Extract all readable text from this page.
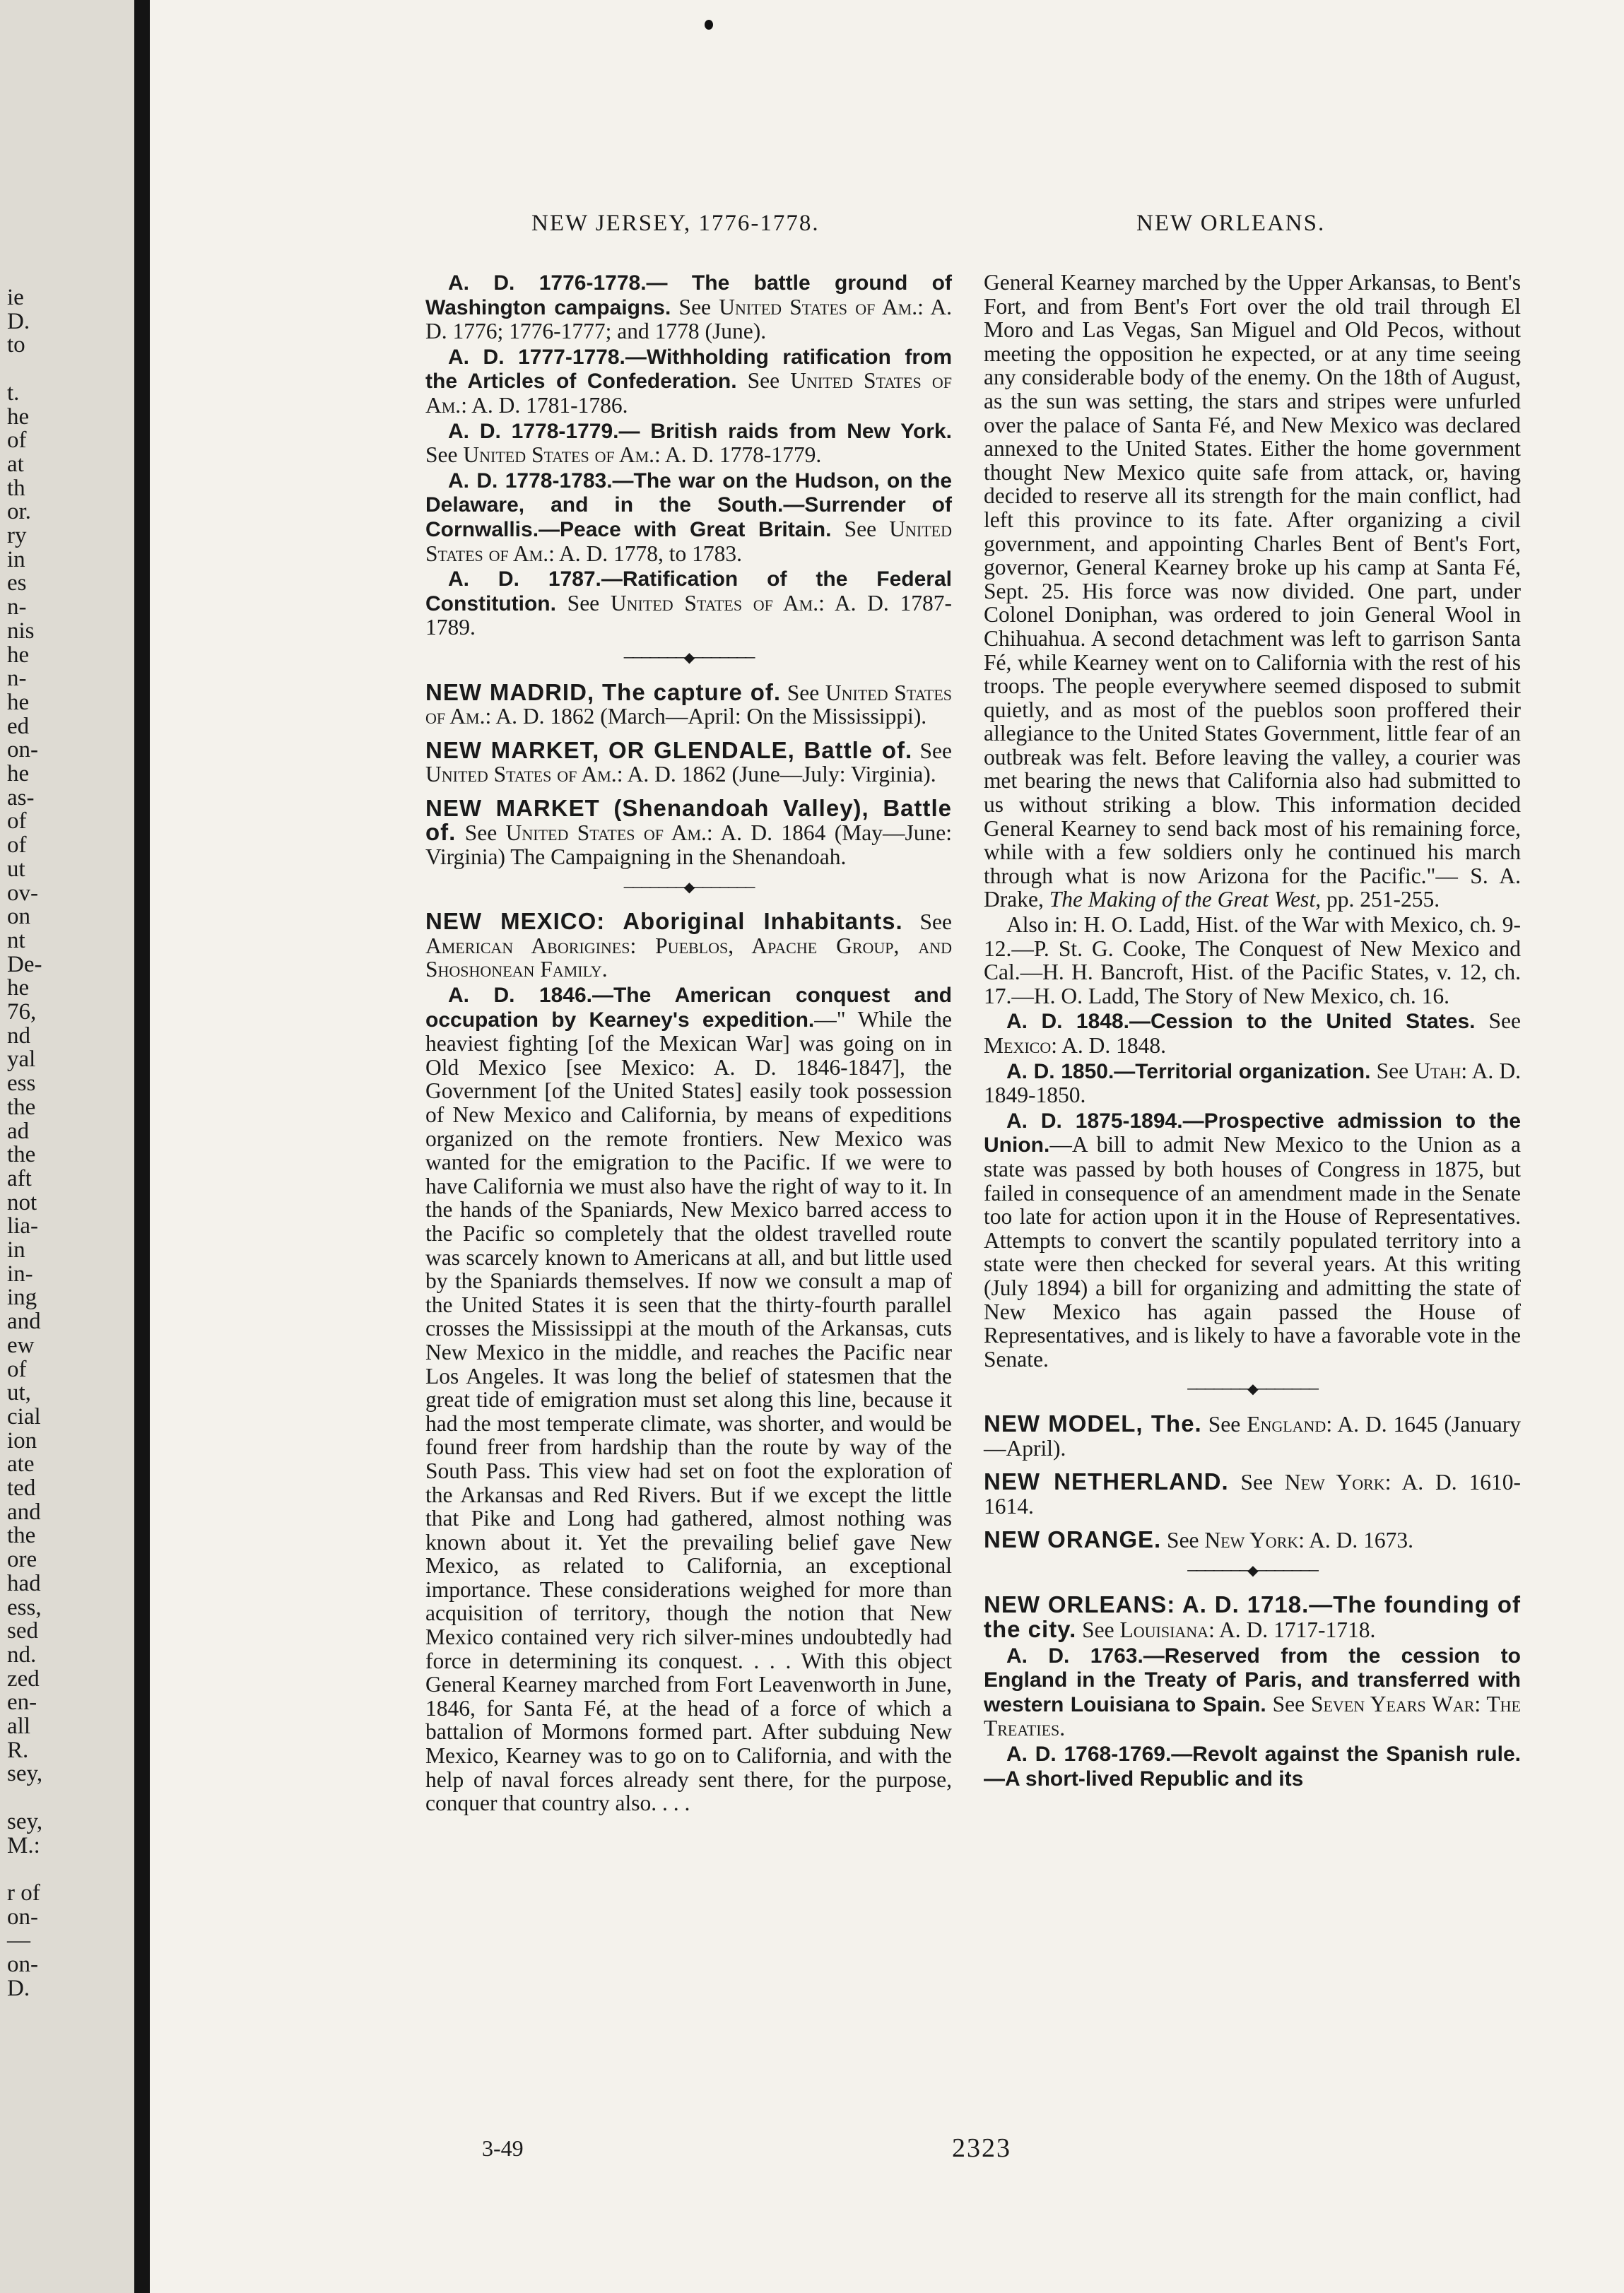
ie
D.
to
t.
he
of
at
th
or.
ry
in
es
n-
nis
he
n-
he
ed
on-
he
as-
of
of
ut
ov-
on
nt
De-
he
76,
nd
yal
ess
the
ad
the
aft
not
lia-
in
in-
ing
and
ew
of
ut,
cial
ion
ate
ted
and
the
ore
had
ess,
sed
nd.
zed
en-
all
R.
sey,
sey,
M.:
r of
on-
—
on-
D.
NEW JERSEY, 1776-1778.	NEW ORLEANS.

A. D. 1776-1778.— The battle ground of Washington campaigns. See United States of Am.: A. D. 1776; 1776-1777; and 1778 (June).

A. D. 1777-1778.—Withholding ratification from the Articles of Confederation. See United States of Am.: A. D. 1781-1786.

A. D. 1778-1779.— British raids from New York. See United States of Am.: A. D. 1778-1779.

A. D. 1778-1783.—The war on the Hudson, on the Delaware, and in the South.—Surrender of Cornwallis.—Peace with Great Britain. See United States of Am.: A. D. 1778, to 1783.

A. D. 1787.—Ratification of the Federal Constitution. See United States of Am.: A. D. 1787-1789.

───────◆───────

NEW MADRID, The capture of. See United States of Am.: A. D. 1862 (March—April: On the Mississippi).

NEW MARKET, OR GLENDALE, Battle of. See United States of Am.: A. D. 1862 (June—July: Virginia).

NEW MARKET (Shenandoah Valley), Battle of. See United States of Am.: A. D. 1864 (May—June: Virginia) The Campaigning in the Shenandoah.

───────◆───────

NEW MEXICO: Aboriginal Inhabitants. See American Aborigines: Pueblos, Apache Group, and Shoshonean Family.

A. D. 1846.—The American conquest and occupation by Kearney's expedition.—" While the heaviest fighting [of the Mexican War] was going on in Old Mexico [see Mexico: A. D. 1846-1847], the Government [of the United States] easily took possession of New Mexico and California, by means of expeditions organized on the remote frontiers. New Mexico was wanted for the emigration to the Pacific. If we were to have California we must also have the right of way to it. In the hands of the Spaniards, New Mexico barred access to the Pacific so completely that the oldest travelled route was scarcely known to Americans at all, and but little used by the Spaniards themselves. If now we consult a map of the United States it is seen that the thirty-fourth parallel crosses the Mississippi at the mouth of the Arkansas, cuts New Mexico in the middle, and reaches the Pacific near Los Angeles. It was long the belief of statesmen that the great tide of emigration must set along this line, because it had the most temperate climate, was shorter, and would be found freer from hardship than the route by way of the South Pass. This view had set on foot the exploration of the Arkansas and Red Rivers. But if we except the little that Pike and Long had gathered, almost nothing was known about it. Yet the prevailing belief gave New Mexico, as related to California, an exceptional importance. These considerations weighed for more than acquisition of territory, though the notion that New Mexico contained very rich silver-mines undoubtedly had force in determining its conquest. . . . With this object General Kearney marched from Fort Leavenworth in June, 1846, for Santa Fé, at the head of a force of which a battalion of Mormons formed part. After subduing New Mexico, Kearney was to go on to California, and with the help of naval forces already sent there, for the purpose, conquer that country also. . . .

General Kearney marched by the Upper Arkansas, to Bent's Fort, and from Bent's Fort over the old trail through El Moro and Las Vegas, San Miguel and Old Pecos, without meeting the opposition he expected, or at any time seeing any considerable body of the enemy. On the 18th of August, as the sun was setting, the stars and stripes were unfurled over the palace of Santa Fé, and New Mexico was declared annexed to the United States. Either the home government thought New Mexico quite safe from attack, or, having decided to reserve all its strength for the main conflict, had left this province to its fate. After organizing a civil government, and appointing Charles Bent of Bent's Fort, governor, General Kearney broke up his camp at Santa Fé, Sept. 25. His force was now divided. One part, under Colonel Doniphan, was ordered to join General Wool in Chihuahua. A second detachment was left to garrison Santa Fé, while Kearney went on to California with the rest of his troops. The people everywhere seemed disposed to submit quietly, and as most of the pueblos soon proffered their allegiance to the United States Government, little fear of an outbreak was felt. Before leaving the valley, a courier was met bearing the news that California also had submitted to us without striking a blow. This information decided General Kearney to send back most of his remaining force, while with a few soldiers only he continued his march through what is now Arizona for the Pacific."— S. A. Drake, The Making of the Great West, pp. 251-255.

Also in: H. O. Ladd, Hist. of the War with Mexico, ch. 9-12.—P. St. G. Cooke, The Conquest of New Mexico and Cal.—H. H. Bancroft, Hist. of the Pacific States, v. 12, ch. 17.—H. O. Ladd, The Story of New Mexico, ch. 16.

A. D. 1848.—Cession to the United States. See Mexico: A. D. 1848.

A. D. 1850.—Territorial organization. See Utah: A. D. 1849-1850.

A. D. 1875-1894.—Prospective admission to the Union.—A bill to admit New Mexico to the Union as a state was passed by both houses of Congress in 1875, but failed in consequence of an amendment made in the Senate too late for action upon it in the House of Representatives. Attempts to convert the scantily populated territory into a state were then checked for several years. At this writing (July 1894) a bill for organizing and admitting the state of New Mexico has again passed the House of Representatives, and is likely to have a favorable vote in the Senate.

───────◆───────

NEW MODEL, The. See England: A. D. 1645 (January—April).

NEW NETHERLAND. See New York: A. D. 1610-1614.

NEW ORANGE. See New York: A. D. 1673.

───────◆───────

NEW ORLEANS: A. D. 1718.—The founding of the city. See Louisiana: A. D. 1717-1718.

A. D. 1763.—Reserved from the cession to England in the Treaty of Paris, and transferred with western Louisiana to Spain. See Seven Years War: The Treaties.

A. D. 1768-1769.—Revolt against the Spanish rule.—A short-lived Republic and its

3-49	2323
